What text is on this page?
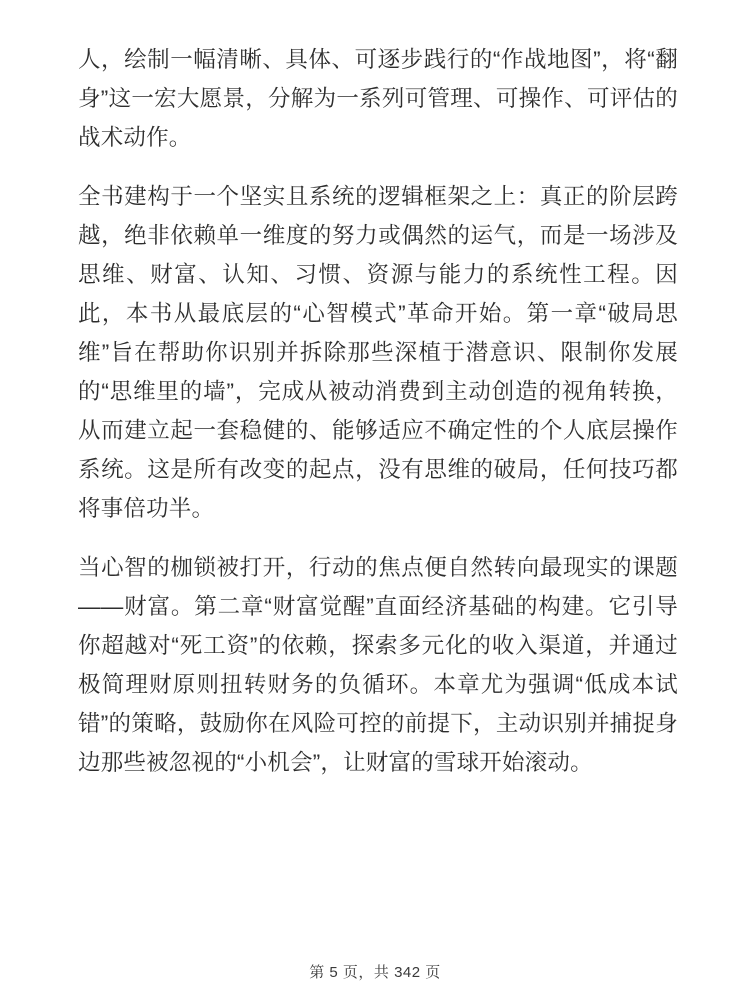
人，绘制一幅清晰、具体、可逐步践行的“作战地图”，将“翻身”这一宏大愿景，分解为一系列可管理、可操作、可评估的战术动作。

全书建构于一个坚实且系统的逻辑框架之上：真正的阶层跨越，绝非依赖单一维度的努力或偶然的运气，而是一场涉及思维、财富、认知、习惯、资源与能力的系统性工程。因此，本书从最底层的“心智模式”革命开始。第一章“破局思维”旨在帮助你识别并拆除那些深植于潜意识、限制你发展的“思维里的墙”，完成从被动消费到主动创造的视角转换，从而建立起一套稳健的、能够适应不确定性的个人底层操作系统。这是所有改变的起点，没有思维的破局，任何技巧都将事倍功半。

当心智的枷锁被打开，行动的焦点便自然转向最现实的课题——财富。第二章“财富觉醒”直面经济基础的构建。它引导你超越对“死工资”的依赖，探索多元化的收入渠道，并通过极简理财原则扭转财务的负循环。本章尤为强调“低成本试错”的策略，鼓励你在风险可控的前提下，主动识别并捕捉身边那些被忽视的“小机会”，让财富的雪球开始滚动。

第 5 页，共 342 页
